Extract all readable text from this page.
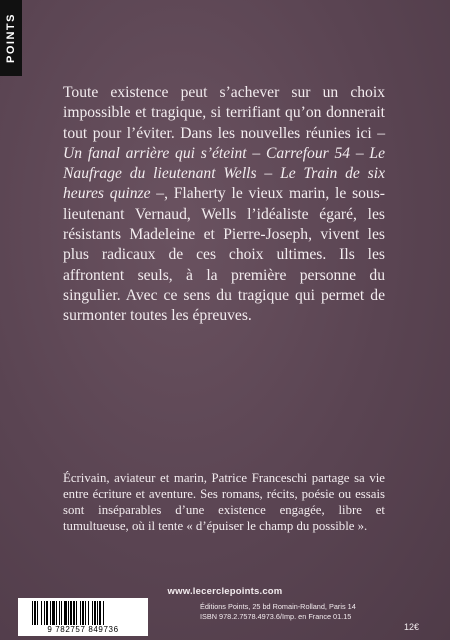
POINTS

Toute existence peut s’achever sur un choix impossible et tragique, si terrifiant qu’on donnerait tout pour l’éviter. Dans les nouvelles réunies ici – Un fanal arrière qui s’éteint – Carrefour 54 – Le Naufrage du lieutenant Wells – Le Train de six heures quinze –, Flaherty le vieux marin, le sous-lieutenant Vernaud, Wells l’idéaliste égaré, les résistants Madeleine et Pierre-Joseph, vivent les plus radicaux de ces choix ultimes. Ils les affrontent seuls, à la première personne du singulier. Avec ce sens du tragique qui permet de surmonter toutes les épreuves.

Écrivain, aviateur et marin, Patrice Franceschi partage sa vie entre écriture et aventure. Ses romans, récits, poésie ou essais sont inséparables d’une existence engagée, libre et tumultueuse, où il tente « d’épuiser le champ du possible ».

www.lecerclepoints.com
9 782757 849736
Éditions Points, 25 bd Romain-Rolland, Paris 14
ISBN 978.2.7578.4973.6/Imp. en France 01.15
12€
